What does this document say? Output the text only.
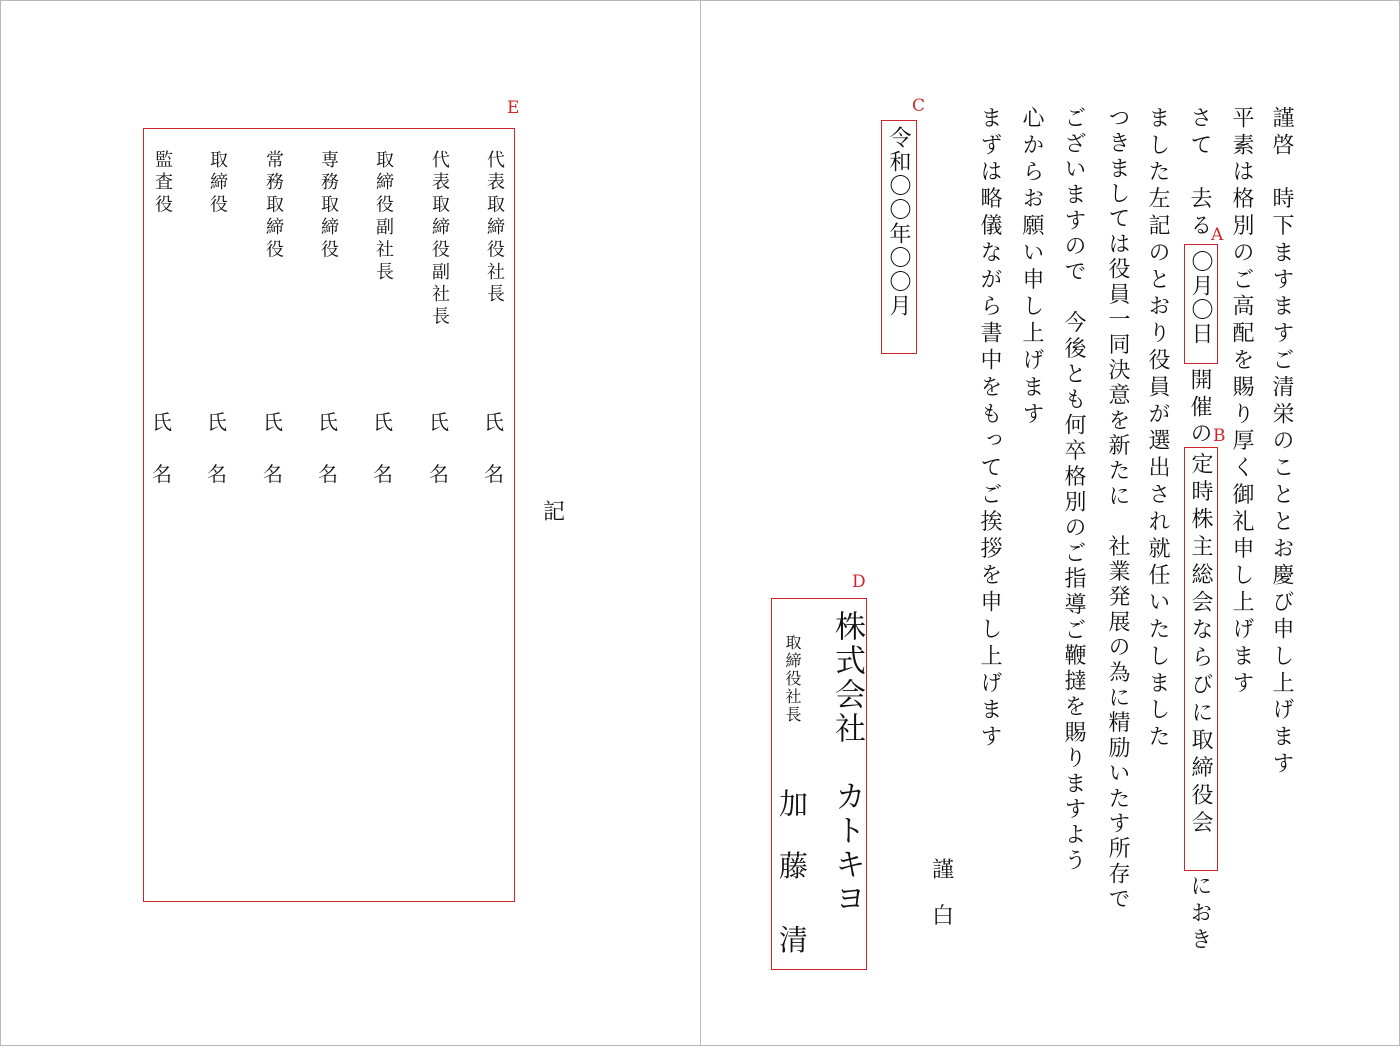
謹啓　時下ますますご清栄のこととお慶び申し上げます
平素は格別のご高配を賜り厚く御礼申し上げます
さて　去る
〇月〇日
開催の
定時株主総会ならびに取締役会
におき
ました左記のとおり役員が選出され就任いたしました
つきましては役員一同決意を新たに　社業発展の為に精励いたす所存で
ございますので　今後とも何卒格別のご指導ご鞭撻を賜りますよう
心からお願い申し上げます
まずは略儀ながら書中をもってご挨拶を申し上げます
謹
白
C
令和〇〇年〇〇月
D
株式会社　カトキヨ
取締役社長
加
藤
清
A
B
記
E
代表取締役社長
代表取締役副社長
取締役副社長
専務取締役
常務取締役
取締役
監査役
氏
氏
氏
氏
氏
氏
氏
名
名
名
名
名
名
名
